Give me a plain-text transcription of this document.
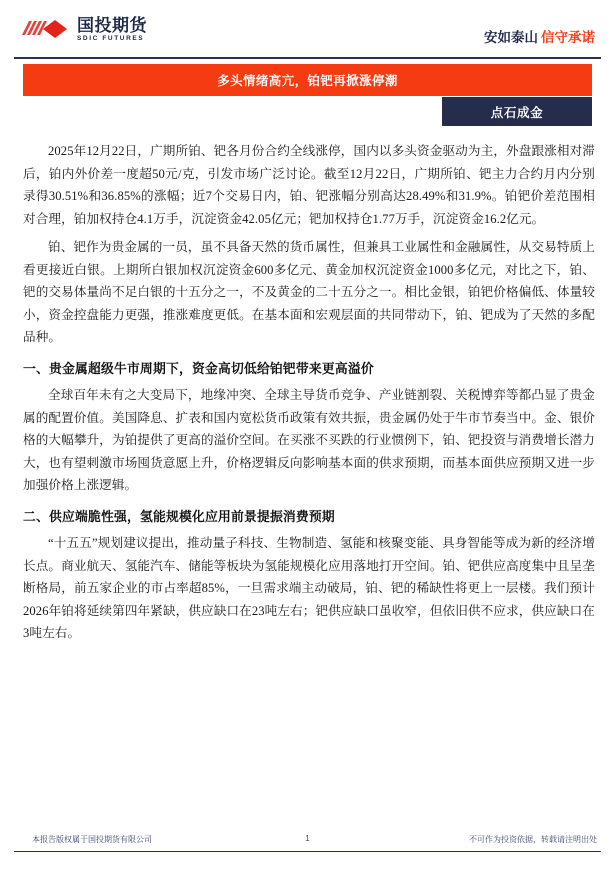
国投期货
SDIC FUTURES	安如泰山 信守承诺
多头情绪高亢，铂钯再掀涨停潮
点石成金

2025年12月22日，广期所铂、钯各月份合约全线涨停，国内以多头资金驱动为主，外盘跟涨相对滞后，铂内外价差一度超50元/克，引发市场广泛讨论。截至12月22日，广期所铂、钯主力合约月内分别录得30.51%和36.85%的涨幅；近7个交易日内，铂、钯涨幅分别高达28.49%和31.9%。铂钯价差范围相对合理，铂加权持仓4.1万手，沉淀资金42.05亿元；钯加权持仓1.77万手，沉淀资金16.2亿元。

铂、钯作为贵金属的一员，虽不具备天然的货币属性，但兼具工业属性和金融属性，从交易特质上看更接近白银。上期所白银加权沉淀资金600多亿元、黄金加权沉淀资金1000多亿元，对比之下，铂、钯的交易体量尚不足白银的十五分之一，不及黄金的二十五分之一。相比金银，铂钯价格偏低、体量较小，资金控盘能力更强，推涨难度更低。在基本面和宏观层面的共同带动下，铂、钯成为了天然的多配品种。

一、贵金属超级牛市周期下，资金高切低给铂钯带来更高溢价

全球百年未有之大变局下，地缘冲突、全球主导货币竞争、产业链割裂、关税博弈等都凸显了贵金属的配置价值。美国降息、扩表和国内宽松货币政策有效共振，贵金属仍处于牛市节奏当中。金、银价格的大幅攀升，为铂提供了更高的溢价空间。在买涨不买跌的行业惯例下，铂、钯投资与消费增长潜力大，也有望刺激市场囤货意愿上升，价格逻辑反向影响基本面的供求预期，而基本面供应预期又进一步加强价格上涨逻辑。

二、供应端脆性强，氢能规模化应用前景提振消费预期

“十五五”规划建议提出，推动量子科技、生物制造、氢能和核聚变能、具身智能等成为新的经济增长点。商业航天、氢能汽车、储能等板块为氢能规模化应用落地打开空间。铂、钯供应高度集中且呈垄断格局，前五家企业的市占率超85%，一旦需求端主动破局，铂、钯的稀缺性将更上一层楼。我们预计2026年铂将延续第四年紧缺，供应缺口在23吨左右；钯供应缺口虽收窄，但依旧供不应求，供应缺口在3吨左右。

本报告版权属于国投期货有限公司	1	不可作为投资依据，转载请注明出处
